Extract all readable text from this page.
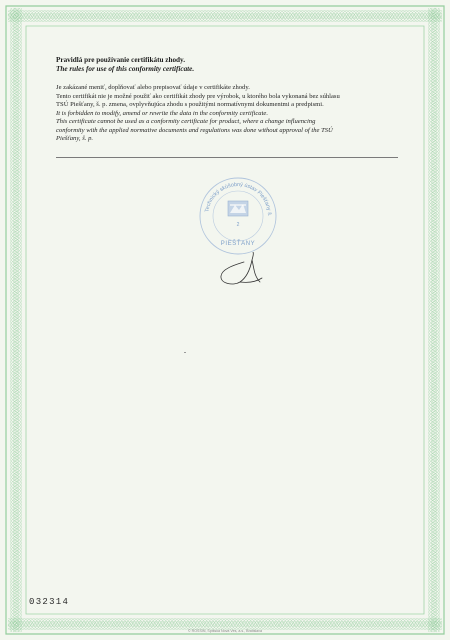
Pravidlá pre používanie certifikátu zhody.
The rules for use of this conformity certificate.
Je zakázané meniť, doplňovať alebo prepisovať údaje v certifikáte zhody.
Tento certifikát nie je možné použiť ako certifikát zhody pre výrobok, u ktorého bola vykonaná bez súhlasu
TSÚ Piešťany, š. p. zmena, ovplyvňujúca zhodu s použitými normatívnymi dokumentmi a predpismi.
It is forbidden to modify, amend or rewrite the data in the conformity certificate.
This certificate cannot be used as a conformity certificate for product, where a change influencing
conformity with the applied normative documents and regulations was done without approval of the TSÚ
Piešťany, š. p.
Technický skúšobný ústav Piešťany š.
2
PIEŠŤANY
032314
© ROSSIN, Spišská Nová Ves, a.s., Bratislava
